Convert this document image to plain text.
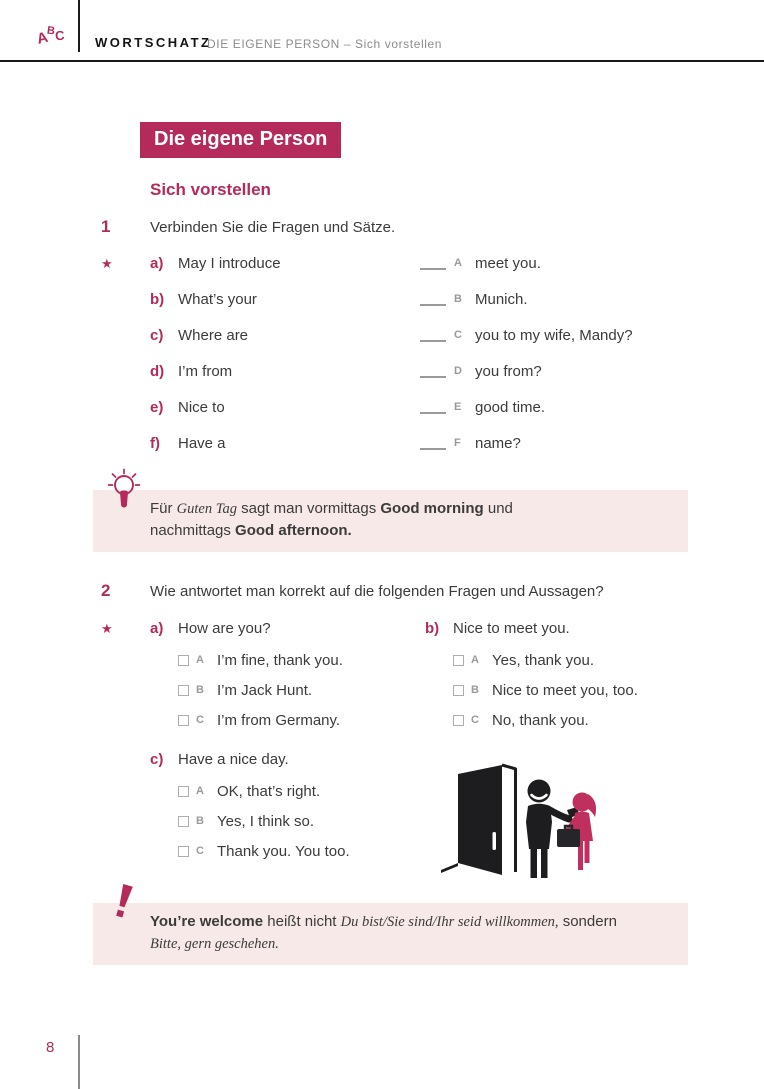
ABC WORTSCHATZ
DIE EIGENE PERSON – Sich vorstellen
Die eigene Person
Sich vorstellen
1	Verbinden Sie die Fragen und Sätze.
★ a) May I introduce	A meet you.
b) What’s your	B Munich.
c) Where are	C you to my wife, Mandy?
d) I’m from	D you from?
e) Nice to	E good time.
f)	Have a	F name?
Für Guten Tag sagt man vormittags Good morning und
nachmittags Good afternoon.
2	Wie antwortet man korrekt auf die folgenden Fragen und Aussagen?
★ a) How are you?
A I’m fine, thank you.
B I’m Jack Hunt.
C I’m from Germany.
b) Nice to meet you.
A Yes, thank you.
B Nice to meet you, too.
C No, thank you.
c) Have a nice day.
A OK, that’s right.
B Yes, I think so.
C Thank you. You too.
You’re welcome heißt nicht Du bist/Sie sind/Ihr seid willkommen, sondern
Bitte, gern geschehen.
8
